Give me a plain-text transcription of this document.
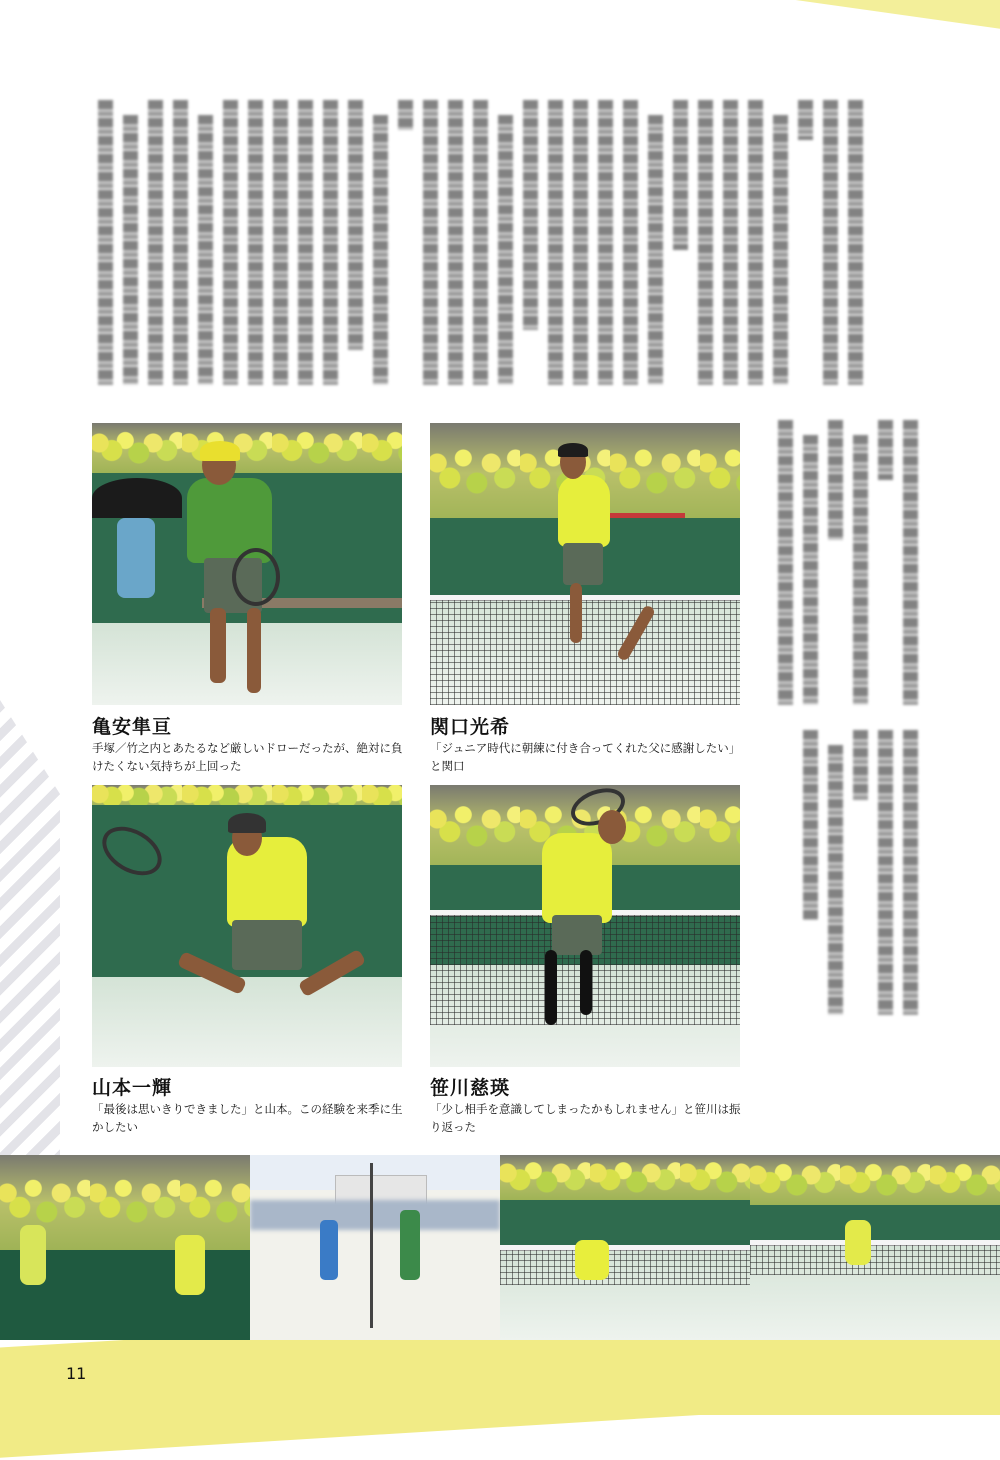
亀安隼亘
手塚／竹之内とあたるなど厳しいドローだったが、絶対に負けたくない気持ちが上回った
関口光希
「ジュニア時代に朝練に付き合ってくれた父に感謝したい」と関口
山本一輝
「最後は思いきりできました」と山本。この経験を来季に生かしたい
笹川慈瑛
「少し相手を意識してしまったかもしれません」と笹川は振り返った
11
